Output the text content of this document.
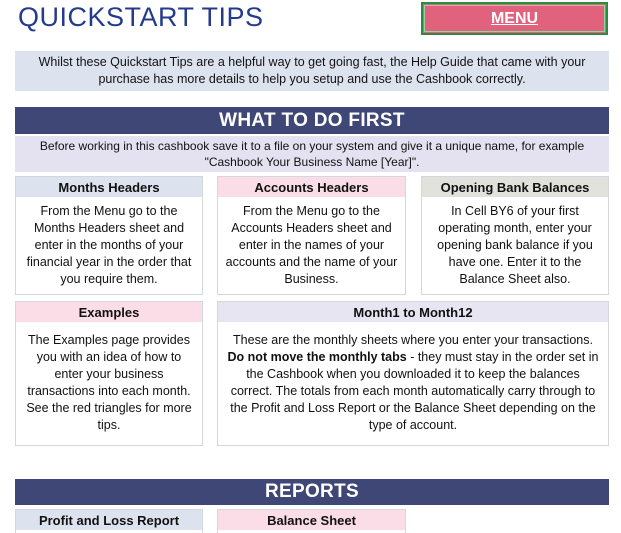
QUICKSTART TIPS	MENU
Whilst these Quickstart Tips are a helpful way to get going fast, the Help Guide that came with your purchase has more details to help you setup and use the Cashbook correctly.
WHAT TO DO FIRST
Before working in this cashbook save it to a file on your system and give it a unique name, for example "Cashbook Your Business Name [Year]".
Months Headers
From the Menu go to the Months Headers sheet and enter in the months of your financial year in the order that you require them.
Accounts Headers
From the Menu go to the Accounts Headers sheet and enter in the names of your accounts and the name of your Business.
Opening Bank Balances
In Cell BY6 of your first operating month, enter your opening bank balance if you have one. Enter it to the Balance Sheet also.
Examples
The Examples page provides you with an idea of how to enter your business transactions into each month. See the red triangles for more tips.
Month1 to Month12
These are the monthly sheets where you enter your transactions. Do not move the monthly tabs - they must stay in the order set in the Cashbook when you downloaded it to keep the balances correct. The totals from each month automatically carry through to the Profit and Loss Report or the Balance Sheet depending on the type of account.
REPORTS
Profit and Loss Report	Balance Sheet
